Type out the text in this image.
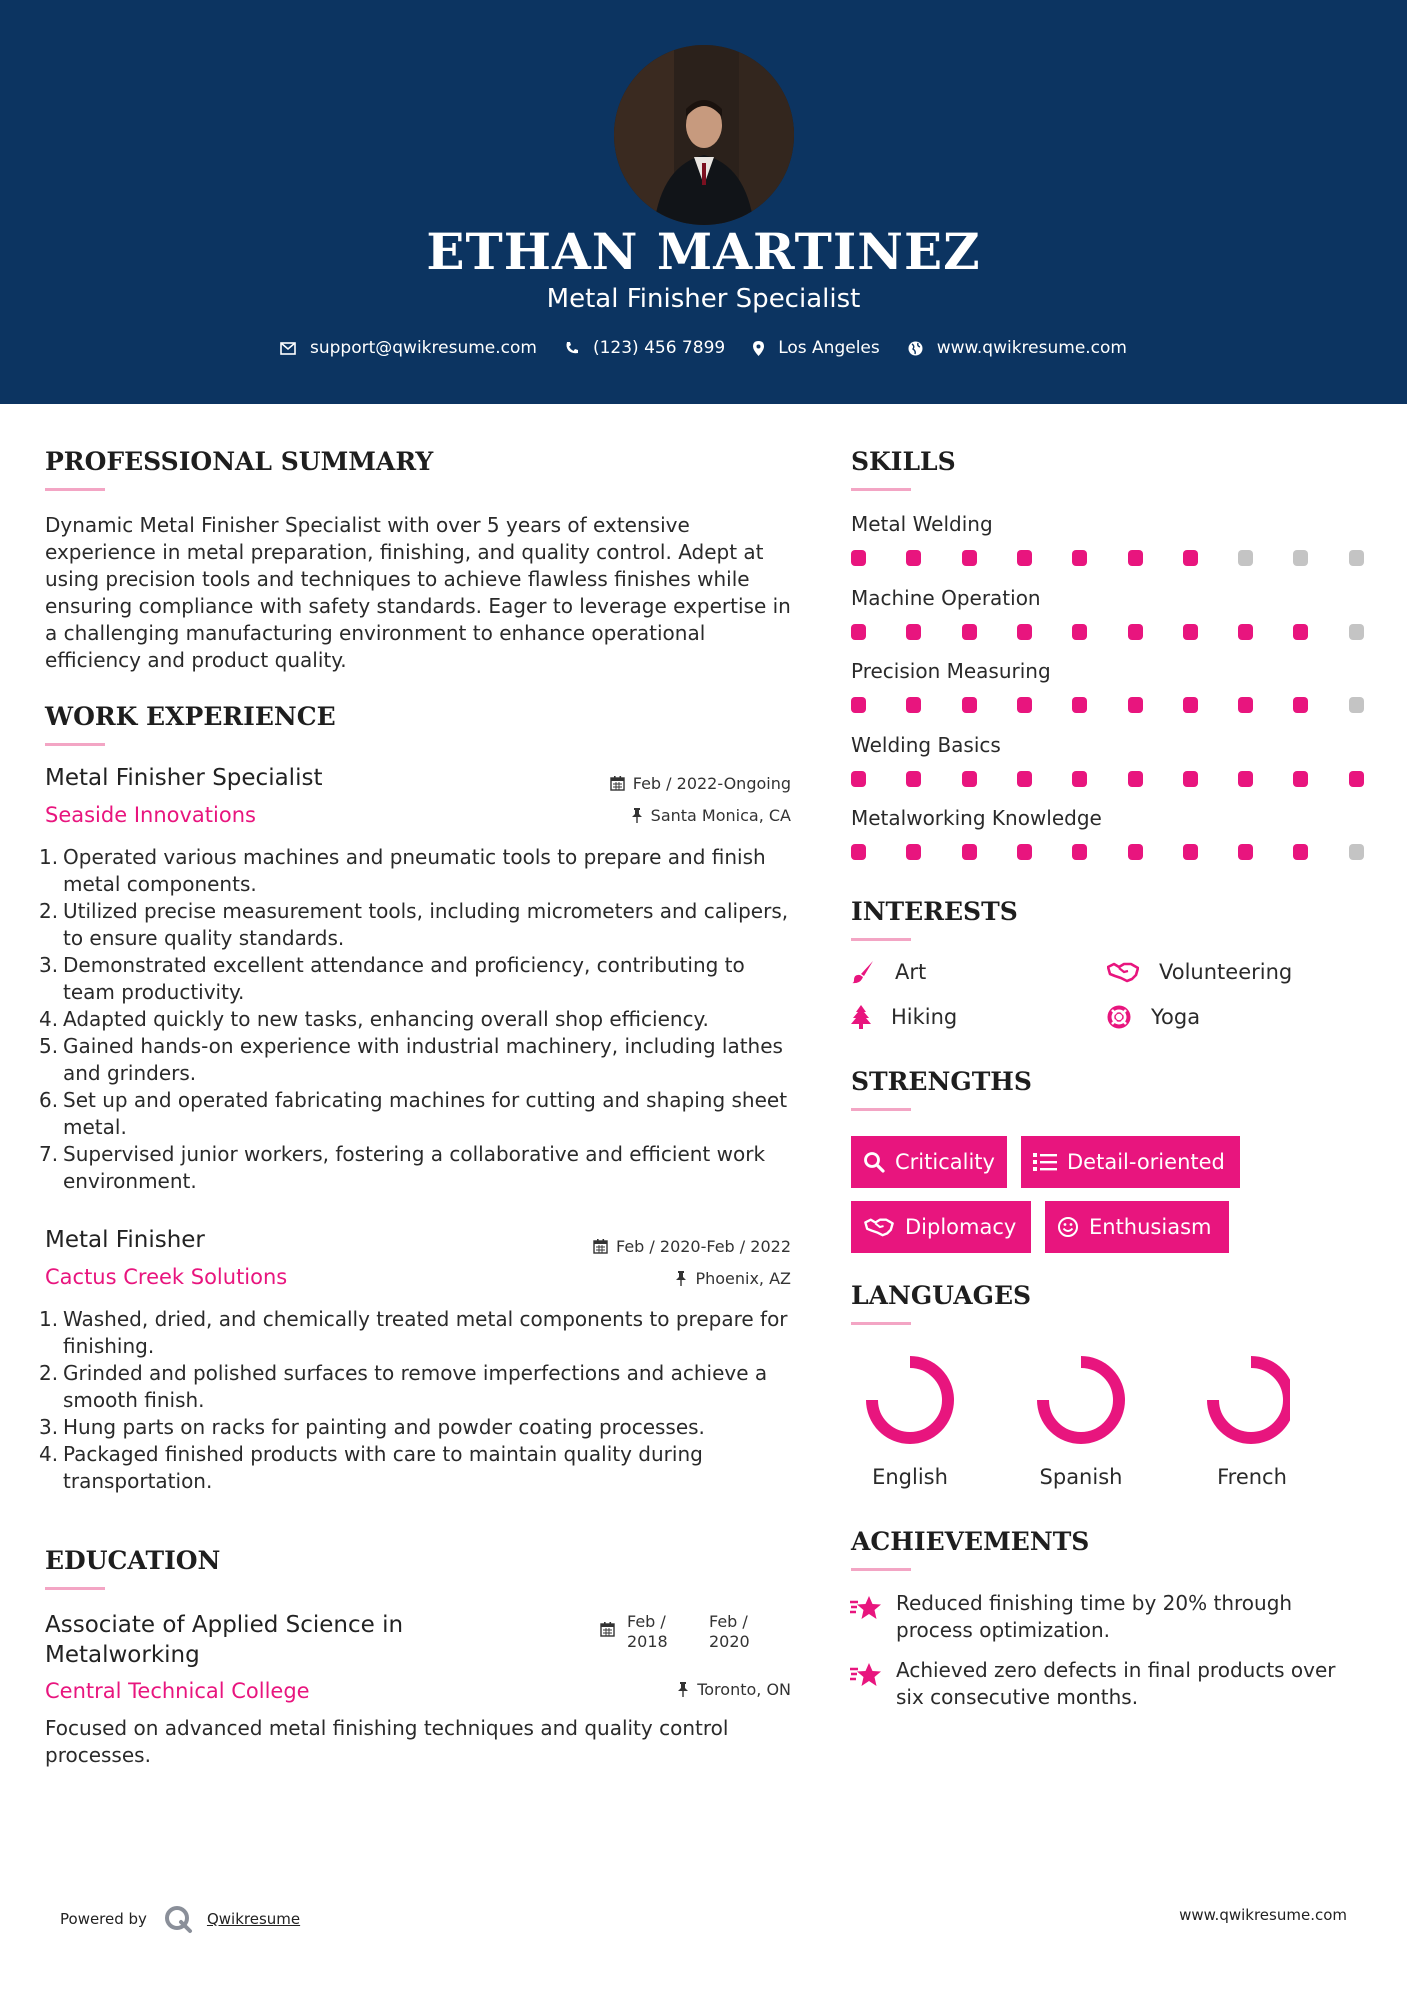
ETHAN MARTINEZ
Metal Finisher Specialist
support@qwikresume.com	(123) 456 7899	Los Angeles	www.qwikresume.com
PROFESSIONAL SUMMARY
Dynamic Metal Finisher Specialist with over 5 years of extensive experience in metal preparation, finishing, and quality control. Adept at using precision tools and techniques to achieve flawless finishes while ensuring compliance with safety standards. Eager to leverage expertise in a challenging manufacturing environment to enhance operational efficiency and product quality.
WORK EXPERIENCE
Metal Finisher Specialist	Feb / 2022-Ongoing
Seaside Innovations	Santa Monica, CA
1. Operated various machines and pneumatic tools to prepare and finish metal components.
2. Utilized precise measurement tools, including micrometers and calipers, to ensure quality standards.
3. Demonstrated excellent attendance and proficiency, contributing to team productivity.
4. Adapted quickly to new tasks, enhancing overall shop efficiency.
5. Gained hands-on experience with industrial machinery, including lathes and grinders.
6. Set up and operated fabricating machines for cutting and shaping sheet metal.
7. Supervised junior workers, fostering a collaborative and efficient work environment.
Metal Finisher	Feb / 2020-Feb / 2022
Cactus Creek Solutions	Phoenix, AZ
1. Washed, dried, and chemically treated metal components to prepare for finishing.
2. Grinded and polished surfaces to remove imperfections and achieve a smooth finish.
3. Hung parts on racks for painting and powder coating processes.
4. Packaged finished products with care to maintain quality during transportation.
EDUCATION
Associate of Applied Science in Metalworking
Feb / 2018
Feb / 2020
Central Technical College	Toronto, ON
Focused on advanced metal finishing techniques and quality control processes.
SKILLS
Metal Welding
Machine Operation
Precision Measuring
Welding Basics
Metalworking Knowledge
INTERESTS
Art	Volunteering
Hiking	Yoga
STRENGTHS
Criticality	Detail-oriented
Diplomacy	Enthusiasm
LANGUAGES
English	Spanish	French
ACHIEVEMENTS
Reduced finishing time by 20% through process optimization.
Achieved zero defects in final products over six consecutive months.
Powered by	Qwikresume	www.qwikresume.com
